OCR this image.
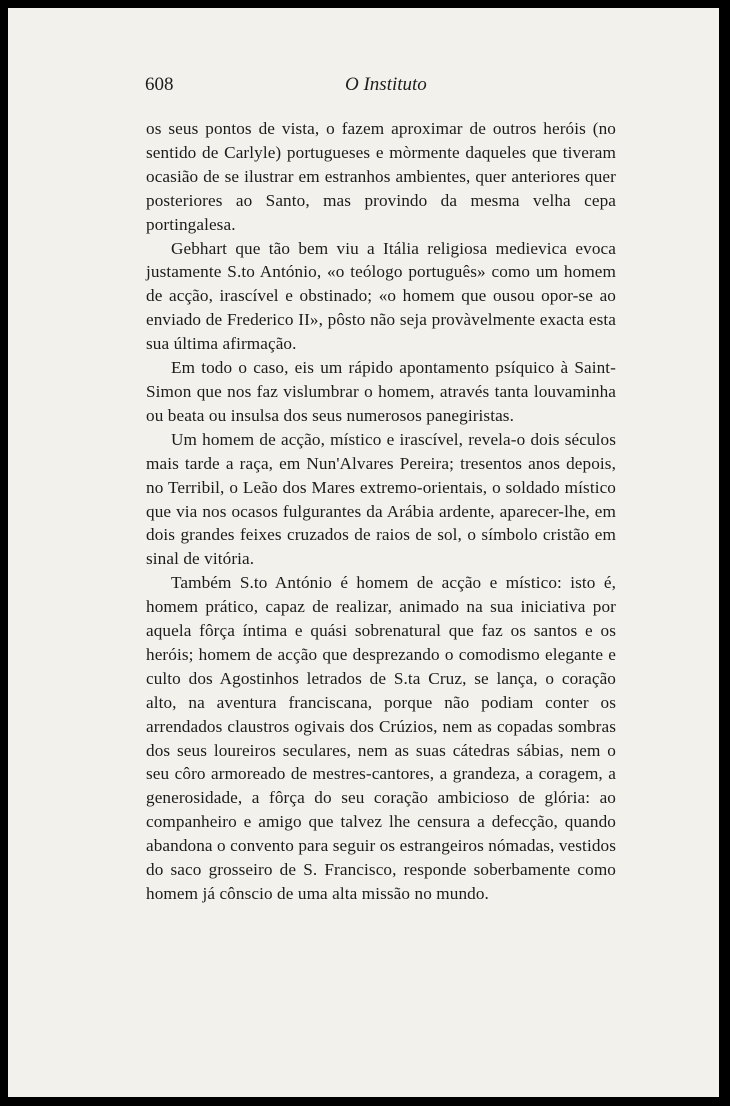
608	O Instituto

os seus pontos de vista, o fazem aproximar de outros heróis (no sentido de Carlyle) portugueses e mòrmente daqueles que tiveram ocasião de se ilustrar em estranhos ambientes, quer anteriores quer posteriores ao Santo, mas provindo da mesma velha cepa portingalesa.

Gebhart que tão bem viu a Itália religiosa medievica evoca justamente S.to António, «o teólogo português» como um homem de acção, irascível e obstinado; «o homem que ousou opor-se ao enviado de Frederico II», pôsto não seja provàvelmente exacta esta sua última afirmação.

Em todo o caso, eis um rápido apontamento psíquico à Saint-Simon que nos faz vislumbrar o homem, através tanta louvaminha ou beata ou insulsa dos seus numerosos panegiristas.

Um homem de acção, místico e irascível, revela-o dois séculos mais tarde a raça, em Nun'Alvares Pereira; tresentos anos depois, no Terribil, o Leão dos Mares extremo-orientais, o soldado místico que via nos ocasos fulgurantes da Arábia ardente, aparecer-lhe, em dois grandes feixes cruzados de raios de sol, o símbolo cristão em sinal de vitória.

Também S.to António é homem de acção e místico: isto é, homem prático, capaz de realizar, animado na sua iniciativa por aquela fôrça íntima e quási sobrenatural que faz os santos e os heróis; homem de acção que desprezando o comodismo elegante e culto dos Agostinhos letrados de S.ta Cruz, se lança, o coração alto, na aventura franciscana, porque não podiam conter os arrendados claustros ogivais dos Crúzios, nem as copadas sombras dos seus loureiros seculares, nem as suas cátedras sábias, nem o seu côro armoreado de mestres-cantores, a grandeza, a coragem, a generosidade, a fôrça do seu coração ambicioso de glória: ao companheiro e amigo que talvez lhe censura a defecção, quando abandona o convento para seguir os estrangeiros nómadas, vestidos do saco grosseiro de S. Francisco, responde soberbamente como homem já cônscio de uma alta missão no mundo.
